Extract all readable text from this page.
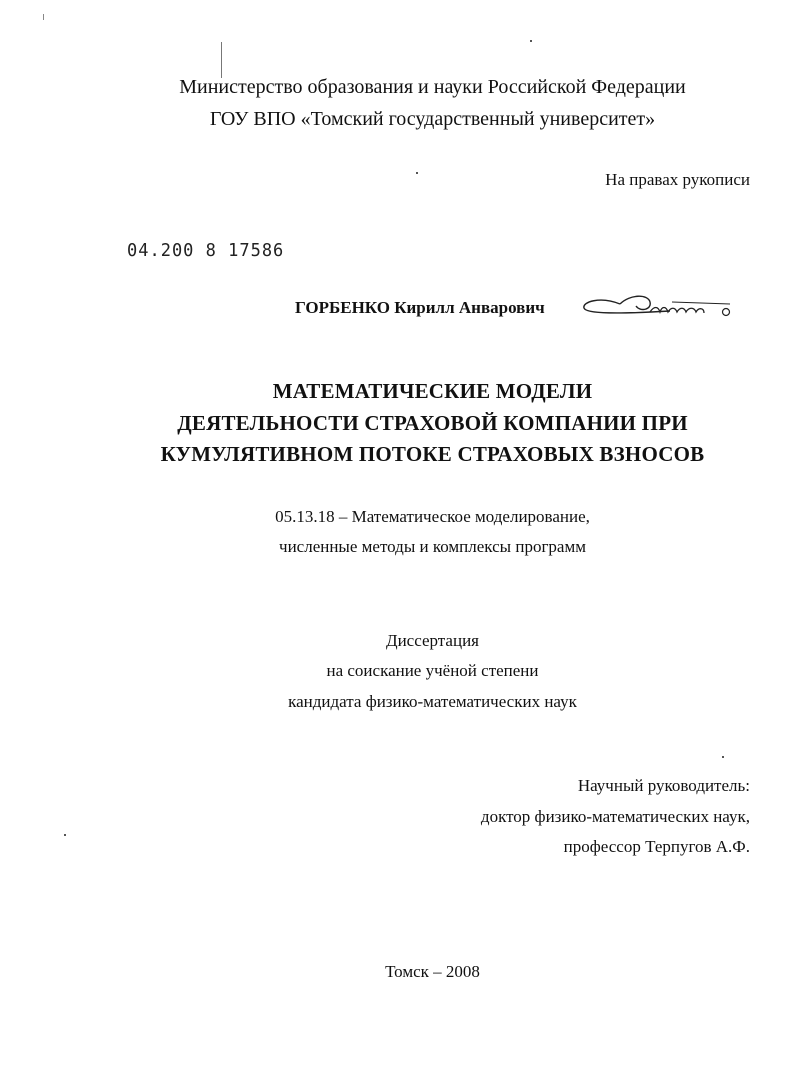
Министерство образования и науки Российской Федерации
ГОУ ВПО «Томский государственный университет»
На правах рукописи
04.200 8 17586
ГОРБЕНКО Кирилл Анварович
МАТЕМАТИЧЕСКИЕ МОДЕЛИ
ДЕЯТЕЛЬНОСТИ СТРАХОВОЙ КОМПАНИИ ПРИ
КУМУЛЯТИВНОМ ПОТОКЕ СТРАХОВЫХ ВЗНОСОВ
05.13.18 – Математическое моделирование,
численные методы и комплексы программ
Диссертация
на соискание учёной степени
кандидата физико-математических наук
Научный руководитель:
доктор физико-математических наук,
профессор Терпугов А.Ф.
Томск – 2008
